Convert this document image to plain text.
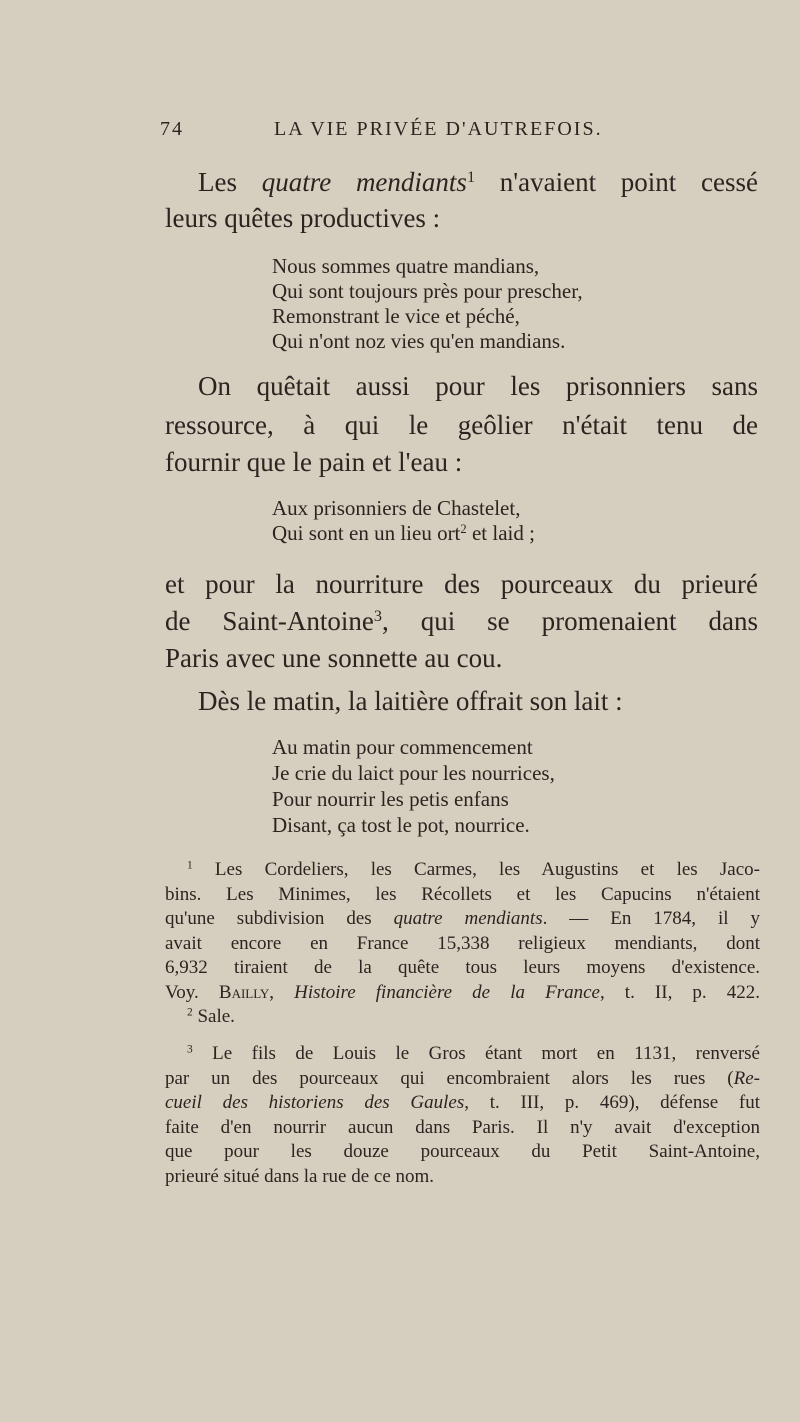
74	LA VIE PRIVÉE D'AUTREFOIS.

Les quatre mendiants$^1$ n'avaient point cessé

leurs quêtes productives :

Nous sommes quatre mandians,
Qui sont toujours près pour prescher,
Remonstrant le vice et péché,
Qui n'ont noz vies qu'en mandians.

On quêtait aussi pour les prisonniers sans

ressource, à qui le geôlier n'était tenu de
fournir que le pain et l'eau :

Aux prisonniers de Chastelet,
Qui sont en un lieu ort$^2$ et laid ;

et pour la nourriture des pourceaux du prieuré
de Saint-Antoine$^3$, qui se promenaient dans
Paris avec une sonnette au cou.

Dès le matin, la laitière offrait son lait :

Au matin pour commencement
Je crie du laict pour les nourrices,
Pour nourrir les petis enfans
Disant, ça tost le pot, nourrice.
$^1$ Les Cordeliers, les Carmes, les Augustins et les Jaco-
bins. Les Minimes, les Récollets et les Capucins n'étaient
qu'une subdivision des quatre mendiants. — En 1784, il y
avait encore en France 15,338 religieux mendiants, dont
6,932 tiraient de la quête tous leurs moyens d'existence.
Voy. Bailly, Histoire financière de la France, t. II, p. 422.
$^2$ Sale.
$^3$ Le fils de Louis le Gros étant mort en 1131, renversé
par un des pourceaux qui encombraient alors les rues (Re-
cueil des historiens des Gaules, t. III, p. 469), défense fut
faite d'en nourrir aucun dans Paris. Il n'y avait d'exception
que pour les douze pourceaux du Petit Saint-Antoine,
prieuré situé dans la rue de ce nom.
